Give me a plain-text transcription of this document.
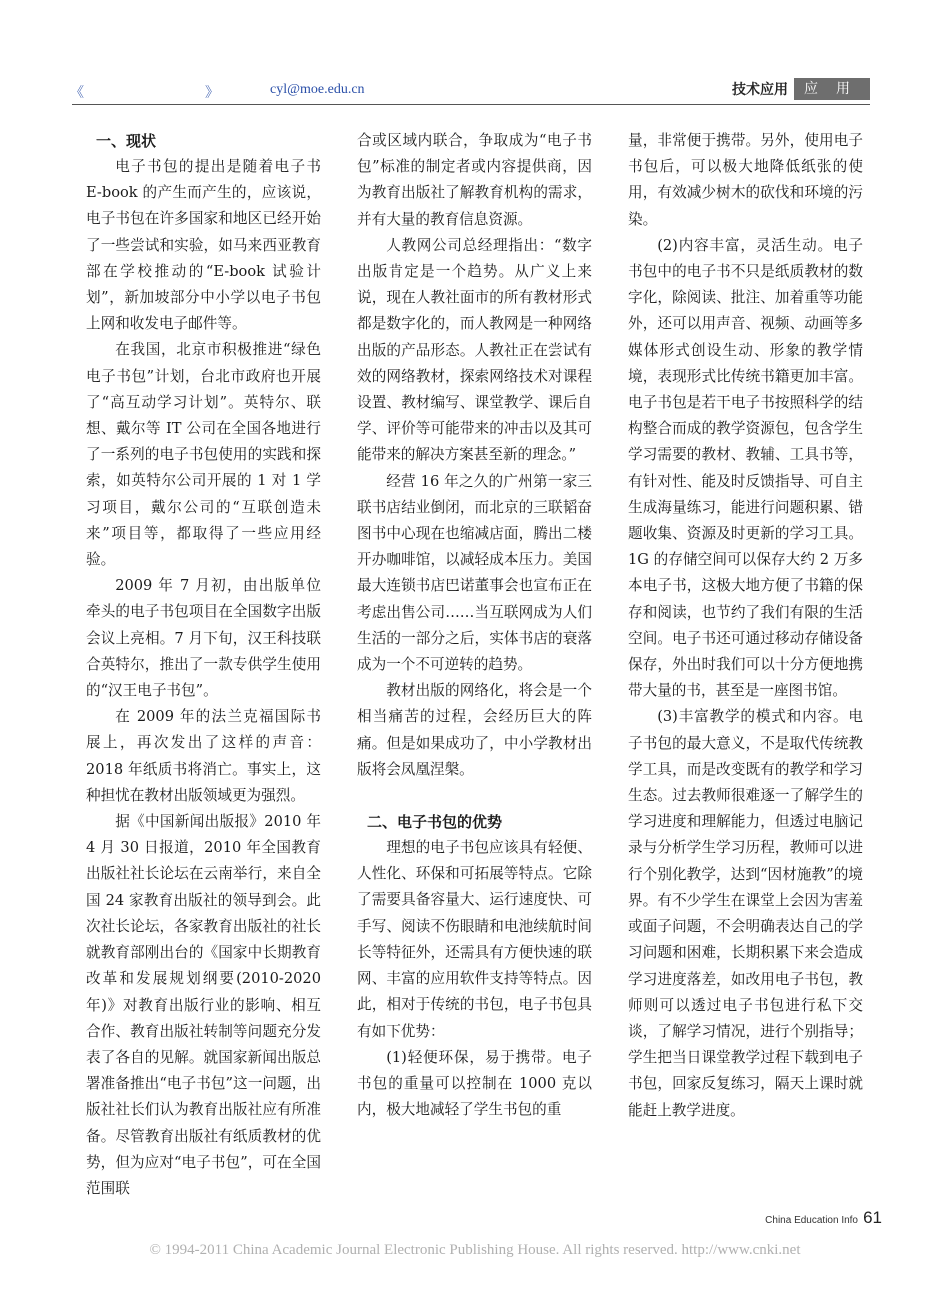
《	》	cyl@moe.edu.cn	技术应用	应用
一、现状

电子书包的提出是随着电子书 E-book 的产生而产生的，应该说，电子书包在许多国家和地区已经开始了一些尝试和实验，如马来西亚教育部在学校推动的“E-book 试验计划”，新加坡部分中小学以电子书包上网和收发电子邮件等。

在我国，北京市积极推进“绿色电子书包”计划，台北市政府也开展了“高互动学习计划”。英特尔、联想、戴尔等 IT 公司在全国各地进行了一系列的电子书包使用的实践和探索，如英特尔公司开展的 1 对 1 学习项目，戴尔公司的“互联创造未来”项目等，都取得了一些应用经验。

2009 年 7 月初，由出版单位牵头的电子书包项目在全国数字出版会议上亮相。7 月下旬，汉王科技联合英特尔，推出了一款专供学生使用的“汉王电子书包”。

在 2009 年的法兰克福国际书展上，再次发出了这样的声音：2018 年纸质书将消亡。事实上，这种担忧在教材出版领域更为强烈。

据《中国新闻出版报》2010 年 4 月 30 日报道，2010 年全国教育出版社社长论坛在云南举行，来自全国 24 家教育出版社的领导到会。此次社长论坛，各家教育出版社的社长就教育部刚出台的《国家中长期教育改革和发展规划纲要(2010-2020 年)》对教育出版行业的影响、相互合作、教育出版社转制等问题充分发表了各自的见解。就国家新闻出版总署准备推出“电子书包”这一问题，出版社社长们认为教育出版社应有所准备。尽管教育出版社有纸质教材的优势，但为应对“电子书包”，可在全国范围联

合或区域内联合，争取成为“电子书包”标准的制定者或内容提供商，因为教育出版社了解教育机构的需求，并有大量的教育信息资源。

人教网公司总经理指出：“数字出版肯定是一个趋势。从广义上来说，现在人教社面市的所有教材形式都是数字化的，而人教网是一种网络出版的产品形态。人教社正在尝试有效的网络教材，探索网络技术对课程设置、教材编写、课堂教学、课后自学、评价等可能带来的冲击以及其可能带来的解决方案甚至新的理念。”

经营 16 年之久的广州第一家三联书店结业倒闭，而北京的三联韬奋图书中心现在也缩减店面，腾出二楼开办咖啡馆，以减轻成本压力。美国最大连锁书店巴诺董事会也宣布正在考虑出售公司……当互联网成为人们生活的一部分之后，实体书店的衰落成为一个不可逆转的趋势。

教材出版的网络化，将会是一个相当痛苦的过程，会经历巨大的阵痛。但是如果成功了，中小学教材出版将会凤凰涅槃。

二、电子书包的优势

理想的电子书包应该具有轻便、人性化、环保和可拓展等特点。它除了需要具备容量大、运行速度快、可手写、阅读不伤眼睛和电池续航时间长等特征外，还需具有方便快速的联网、丰富的应用软件支持等特点。因此，相对于传统的书包，电子书包具有如下优势：

(1)轻便环保，易于携带。电子书包的重量可以控制在 1000 克以内，极大地减轻了学生书包的重

量，非常便于携带。另外，使用电子书包后，可以极大地降低纸张的使用，有效减少树木的砍伐和环境的污染。

(2)内容丰富，灵活生动。电子书包中的电子书不只是纸质教材的数字化，除阅读、批注、加着重等功能外，还可以用声音、视频、动画等多媒体形式创设生动、形象的教学情境，表现形式比传统书籍更加丰富。电子书包是若干电子书按照科学的结构整合而成的教学资源包，包含学生学习需要的教材、教辅、工具书等，有针对性、能及时反馈指导、可自主生成海量练习，能进行问题积累、错题收集、资源及时更新的学习工具。1G 的存储空间可以保存大约 2 万多本电子书，这极大地方便了书籍的保存和阅读，也节约了我们有限的生活空间。电子书还可通过移动存储设备保存，外出时我们可以十分方便地携带大量的书，甚至是一座图书馆。

(3)丰富教学的模式和内容。电子书包的最大意义，不是取代传统教学工具，而是改变既有的教学和学习生态。过去教师很难逐一了解学生的学习进度和理解能力，但透过电脑记录与分析学生学习历程，教师可以进行个别化教学，达到“因材施教”的境界。有不少学生在课堂上会因为害羞或面子问题，不会明确表达自己的学习问题和困难，长期积累下来会造成学习进度落差，如改用电子书包，教师则可以透过电子书包进行私下交谈，了解学习情况，进行个别指导；学生把当日课堂教学过程下载到电子书包，回家反复练习，隔天上课时就能赶上教学进度。

China Education Info 61
© 1994-2011 China Academic Journal Electronic Publishing House. All rights reserved. http://www.cnki.net
